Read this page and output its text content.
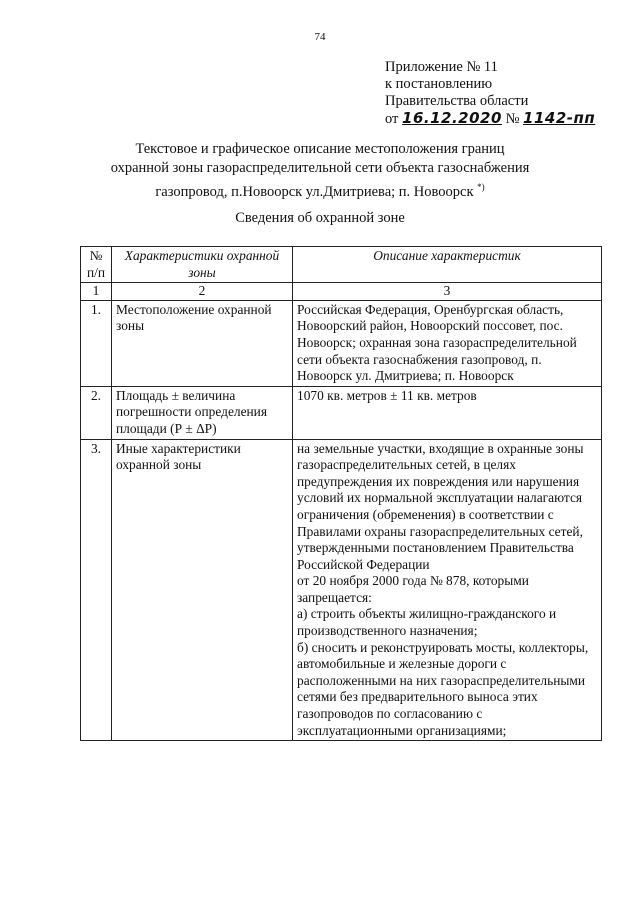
74
Приложение № 11
к постановлению
Правительства области
от 16.12.2020 № 1142-пп
Текстовое и графическое описание местоположения границ
охранной зоны газораспределительной сети объекта газоснабжения
газопровод, п.Новоорск ул.Дмитриева; п. Новоорск *)
Сведения об охранной зоне
№ п/п	Характеристики охранной зоны	Описание характеристик
1	2	3
1.	Местоположение охранной зоны	Российская Федерация, Оренбургская область, Новоорский район, Новоорский поссовет, пос. Новоорск; охранная зона газораспределительной сети объекта газоснабжения газопровод, п. Новоорск ул. Дмитриева; п. Новоорск
2.	Площадь ± величина погрешности определения площади (Р ± ΔР)	1070 кв. метров ± 11 кв. метров
3.	Иные характеристики охранной зоны	на земельные участки, входящие в охранные зоны газораспределительных сетей, в целях предупреждения их повреждения или нарушения условий их нормальной эксплуатации налагаются ограничения (обременения) в соответствии с Правилами охраны газораспределительных сетей, утвержденными постановлением Правительства Российской Федерации
от 20 ноября 2000 года № 878, которыми запрещается:
а) строить объекты жилищно-гражданского и производственного назначения;
б) сносить и реконструировать мосты, коллекторы, автомобильные и железные дороги с расположенными на них газораспределительными сетями без предварительного выноса этих газопроводов по согласованию с эксплуатационными организациями;
